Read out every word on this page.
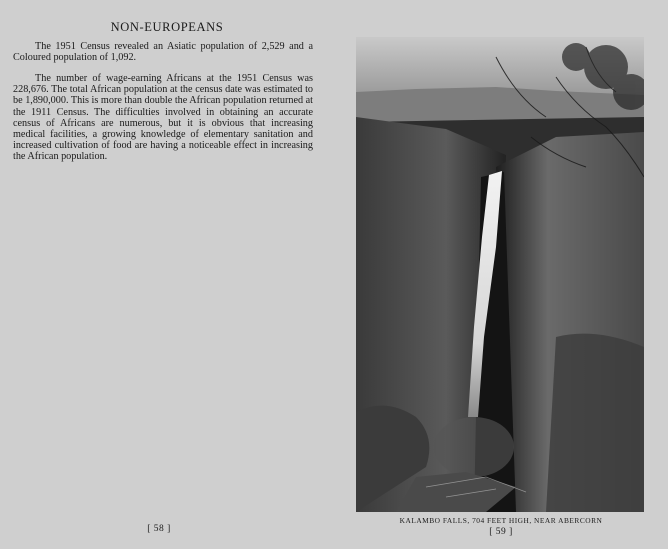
NON-EUROPEANS

The 1951 Census revealed an Asiatic population of 2,529 and a Coloured population of 1,092.

The number of wage-earning Africans at the 1951 Census was 228,676. The total African population at the census date was estimated to be 1,890,000. This is more than double the African population returned at the 1911 Census. The difficulties involved in obtaining an accurate census of Africans are numerous, but it is obvious that increasing medical facilities, a growing knowledge of elementary sanitation and increased cultivation of food are having a noticeable effect in increasing the African population.

[ 58 ]
KALAMBO FALLS, 704 FEET HIGH, NEAR ABERCORN
[ 59 ]
